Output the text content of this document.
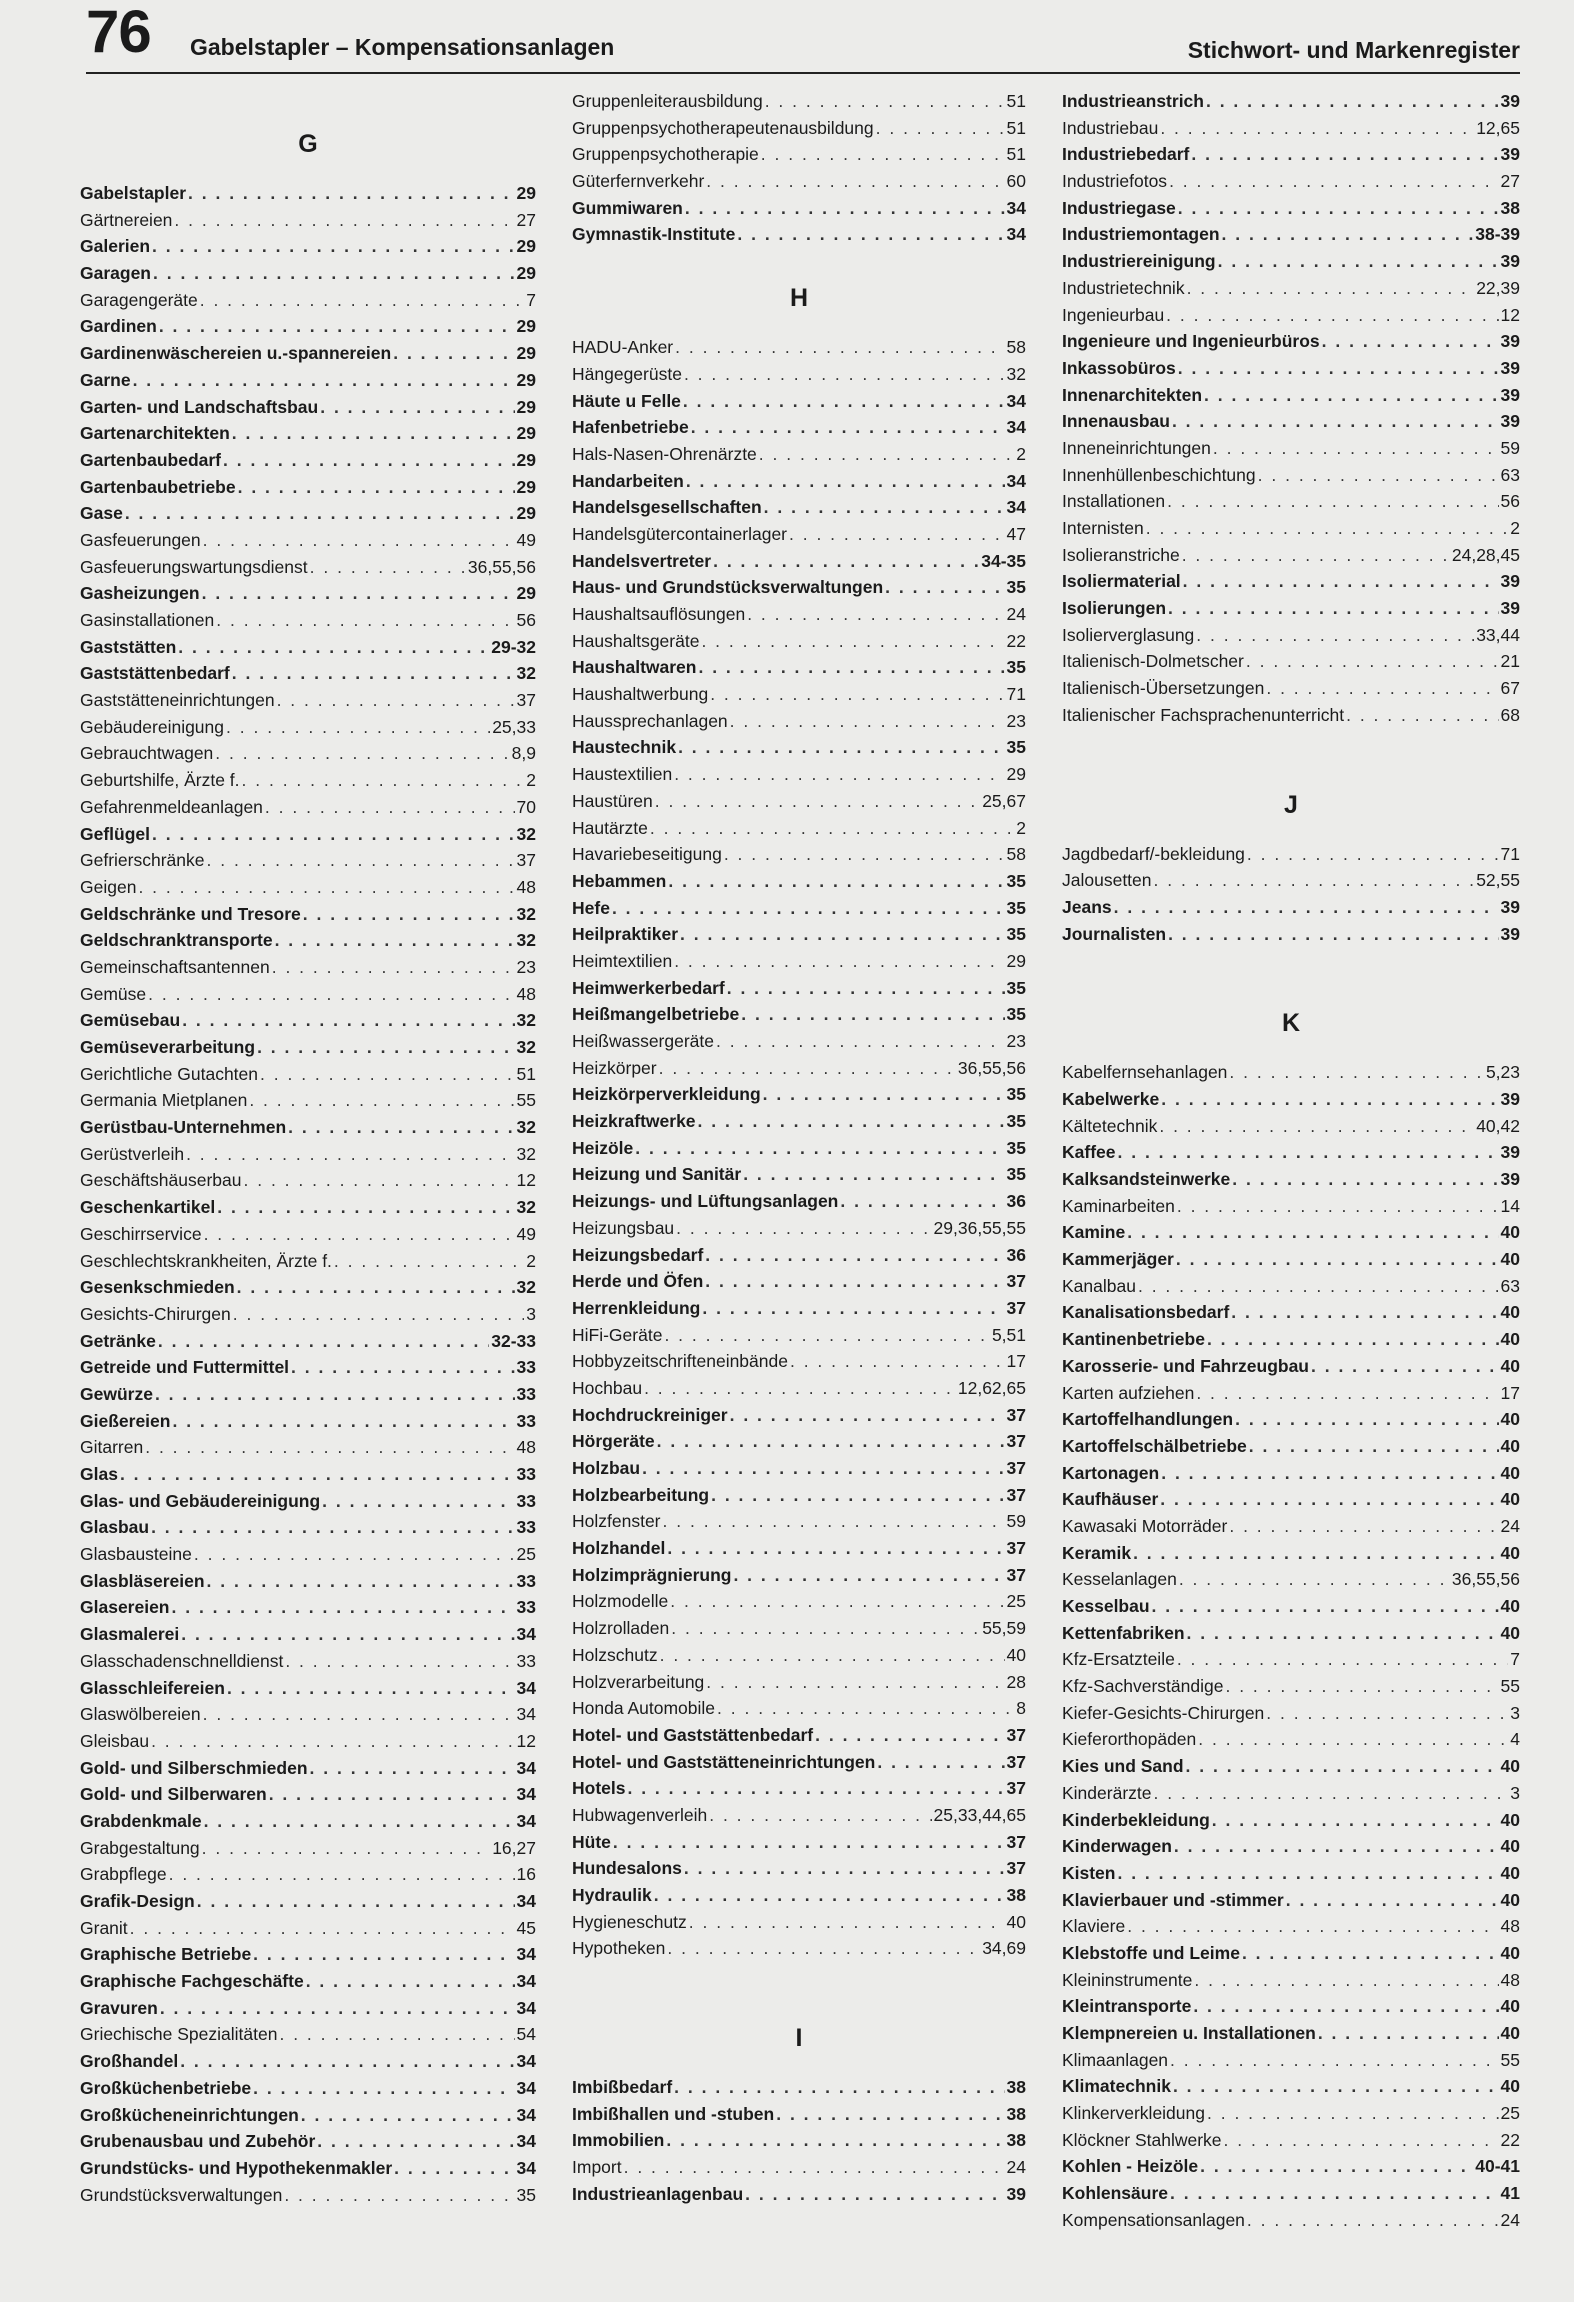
76 Gabelstapler – Kompensationsanlagen	Stichwort- und Markenregister
G
Gabelstapler . . .	29
Gärtnereien . . .	27
Galerien . . .	29
Garagen . . .	29
Garagengeräte . . .	7
Gardinen . . .	29
Gardinenwäschereien u.-spannereien . . .	29
Garne . . .	29
Garten- und Landschaftsbau . . .	29
Gartenarchitekten . . .	29
Gartenbaubedarf . . .	29
Gartenbaubetriebe . . .	29
Gase . . .	29
Gasfeuerungen . . .	49
Gasfeuerungswartungsdienst . . .	36,55,56
Gasheizungen . . .	29
Gasinstallationen . . .	56
Gaststätten . . .	29-32
Gaststättenbedarf . . .	32
Gaststätteneinrichtungen . . .	37
Gebäudereinigung . . .	25,33
Gebrauchtwagen . . .	8,9
Geburtshilfe, Ärzte f. . . .	2
Gefahrenmeldeanlagen . . .	70
Geflügel . . .	32
Gefrierschränke . . .	37
Geigen . . .	48
Geldschränke und Tresore . . .	32
Geldschranktransporte . . .	32
Gemeinschaftsantennen . . .	23
Gemüse . . .	48
Gemüsebau . . .	32
Gemüseverarbeitung . . .	32
Gerichtliche Gutachten . . .	51
Germania Mietplanen . . .	55
Gerüstbau-Unternehmen . . .	32
Gerüstverleih . . .	32
Geschäftshäuserbau . . .	12
Geschenkartikel . . .	32
Geschirrservice . . .	49
Geschlechtskrankheiten, Ärzte f. . . .	2
Gesenkschmieden . . .	32
Gesichts-Chirurgen . . .	3
Getränke . . .	32-33
Getreide und Futtermittel . . .	33
Gewürze . . .	33
Gießereien . . .	33
Gitarren . . .	48
Glas . . .	33
Glas- und Gebäudereinigung . . .	33
Glasbau . . .	33
Glasbausteine . . .	25
Glasbläsereien . . .	33
Glasereien . . .	33
Glasmalerei . . .	34
Glasschadenschnelldienst . . .	33
Glasschleifereien . . .	34
Glaswölbereien . . .	34
Gleisbau . . .	12
Gold- und Silberschmieden . . .	34
Gold- und Silberwaren . . .	34
Grabdenkmale . . .	34
Grabgestaltung . . .	16,27
Grabpflege . . .	16
Grafik-Design . . .	34
Granit . . .	45
Graphische Betriebe . . .	34
Graphische Fachgeschäfte . . .	34
Gravuren . . .	34
Griechische Spezialitäten . . .	54
Großhandel . . .	34
Großküchenbetriebe . . .	34
Großkücheneinrichtungen . . .	34
Grubenausbau und Zubehör . . .	34
Grundstücks- und Hypothekenmakler . . .	34
Grundstücksverwaltungen . . .	35
Gruppenleiterausbildung . . .	51
Gruppenpsychotherapeutenausbildung . . .	51
Gruppenpsychotherapie . . .	51
Güterfernverkehr . . .	60
Gummiwaren . . .	34
Gymnastik-Institute . . .	34
H
HADU-Anker . . .	58
Hängegerüste . . .	32
Häute u Felle . . .	34
Hafenbetriebe . . .	34
Hals-Nasen-Ohrenärzte . . .	2
Handarbeiten . . .	34
Handelsgesellschaften . . .	34
Handelsgütercontainerlager . . .	47
Handelsvertreter . . .	34-35
Haus- und Grundstücksverwaltungen . . .	35
Haushaltsauflösungen . . .	24
Haushaltsgeräte . . .	22
Haushaltwaren . . .	35
Haushaltwerbung . . .	71
Haussprechanlagen . . .	23
Haustechnik . . .	35
Haustextilien . . .	29
Haustüren . . .	25,67
Hautärzte . . .	2
Havariebeseitigung . . .	58
Hebammen . . .	35
Hefe . . .	35
Heilpraktiker . . .	35
Heimtextilien . . .	29
Heimwerkerbedarf . . .	35
Heißmangelbetriebe . . .	35
Heißwassergeräte . . .	23
Heizkörper . . .	36,55,56
Heizkörperverkleidung . . .	35
Heizkraftwerke . . .	35
Heizöle . . .	35
Heizung und Sanitär . . .	35
Heizungs- und Lüftungsanlagen . . .	36
Heizungsbau . . .	29,36,55,55
Heizungsbedarf . . .	36
Herde und Öfen . . .	37
Herrenkleidung . . .	37
HiFi-Geräte . . .	5,51
Hobbyzeitschrifteneinbände . . .	17
Hochbau . . .	12,62,65
Hochdruckreiniger . . .	37
Hörgeräte . . .	37
Holzbau . . .	37
Holzbearbeitung . . .	37
Holzfenster . . .	59
Holzhandel . . .	37
Holzimprägnierung . . .	37
Holzmodelle . . .	25
Holzrolladen . . .	55,59
Holzschutz . . .	40
Holzverarbeitung . . .	28
Honda Automobile . . .	8
Hotel- und Gaststättenbedarf . . .	37
Hotel- und Gaststätteneinrichtungen . . .	37
Hotels . . .	37
Hubwagenverleih . . .	25,33,44,65
Hüte . . .	37
Hundesalons . . .	37
Hydraulik . . .	38
Hygieneschutz . . .	40
Hypotheken . . .	34,69
I
Imbißbedarf . . .	38
Imbißhallen und -stuben . . .	38
Immobilien . . .	38
Import . . .	24
Industrieanlagenbau . . .	39
Industrieanstrich . . .	39
Industriebau . . .	12,65
Industriebedarf . . .	39
Industriefotos . . .	27
Industriegase . . .	38
Industriemontagen . . .	38-39
Industriereinigung . . .	39
Industrietechnik . . .	22,39
Ingenieurbau . . .	12
Ingenieure und Ingenieurbüros . . .	39
Inkassobüros . . .	39
Innenarchitekten . . .	39
Innenausbau . . .	39
Inneneinrichtungen . . .	59
Innenhüllenbeschichtung . . .	63
Installationen . . .	56
Internisten . . .	2
Isolieranstriche . . .	24,28,45
Isoliermaterial . . .	39
Isolierungen . . .	39
Isolierverglasung . . .	33,44
Italienisch-Dolmetscher . . .	21
Italienisch-Übersetzungen . . .	67
Italienischer Fachsprachenunterricht . . .	68
J
Jagdbedarf/-bekleidung . . .	71
Jalousetten . . .	52,55
Jeans . . .	39
Journalisten . . .	39
K
Kabelfernsehanlagen . . .	5,23
Kabelwerke . . .	39
Kältetechnik . . .	40,42
Kaffee . . .	39
Kalksandsteinwerke . . .	39
Kaminarbeiten . . .	14
Kamine . . .	40
Kammerjäger . . .	40
Kanalbau . . .	63
Kanalisationsbedarf . . .	40
Kantinenbetriebe . . .	40
Karosserie- und Fahrzeugbau . . .	40
Karten aufziehen . . .	17
Kartoffelhandlungen . . .	40
Kartoffelschälbetriebe . . .	40
Kartonagen . . .	40
Kaufhäuser . . .	40
Kawasaki Motorräder . . .	24
Keramik . . .	40
Kesselanlagen . . .	36,55,56
Kesselbau . . .	40
Kettenfabriken . . .	40
Kfz-Ersatzteile . . .	7
Kfz-Sachverständige . . .	55
Kiefer-Gesichts-Chirurgen . . .	3
Kieferorthopäden . . .	4
Kies und Sand . . .	40
Kinderärzte . . .	3
Kinderbekleidung . . .	40
Kinderwagen . . .	40
Kisten . . .	40
Klavierbauer und -stimmer . . .	40
Klaviere . . .	48
Klebstoffe und Leime . . .	40
Kleininstrumente . . .	48
Kleintransporte . . .	40
Klempnereien u. Installationen . . .	40
Klimaanlagen . . .	55
Klimatechnik . . .	40
Klinkerverkleidung . . .	25
Klöckner Stahlwerke . . .	22
Kohlen - Heizöle . . .	40-41
Kohlensäure . . .	41
Kompensationsanlagen . . .	24
